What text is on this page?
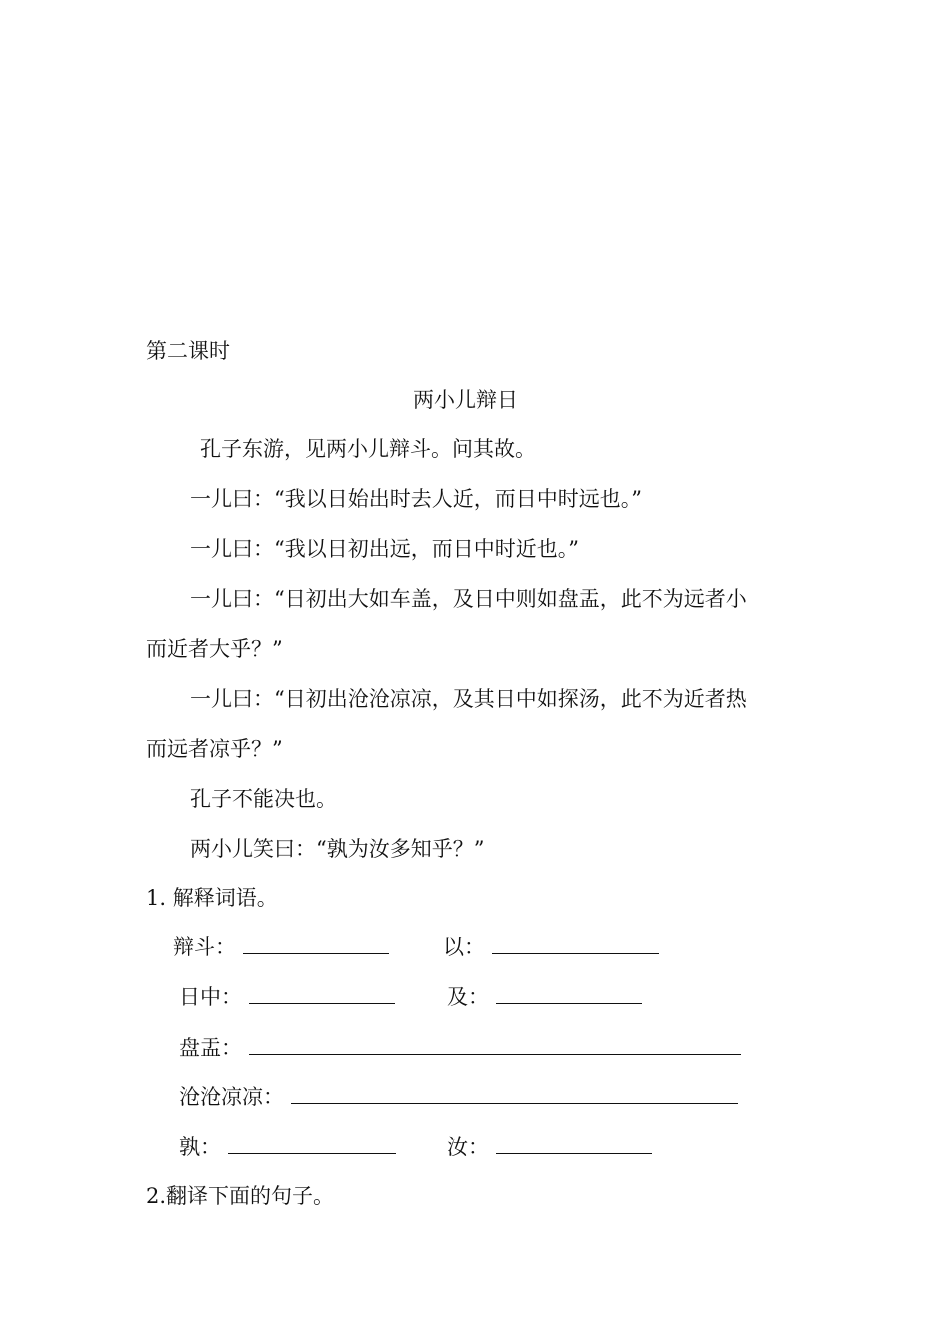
第二课时
两小儿辩日
孔子东游，见两小儿辩斗。问其故。
一儿曰：“我以日始出时去人近，而日中时远也。”
一儿曰：“我以日初出远，而日中时近也。”
一儿曰：“日初出大如车盖，及日中则如盘盂，此不为远者小
而近者大乎？”
一儿曰：“日初出沧沧凉凉，及其日中如探汤，此不为近者热
而远者凉乎？”
孔子不能决也。
两小儿笑曰：“孰为汝多知乎？”
1. 解释词语。
辩斗：	以：
日中：	及：
盘盂：
沧沧凉凉：
孰：	汝：
2.翻译下面的句子。
